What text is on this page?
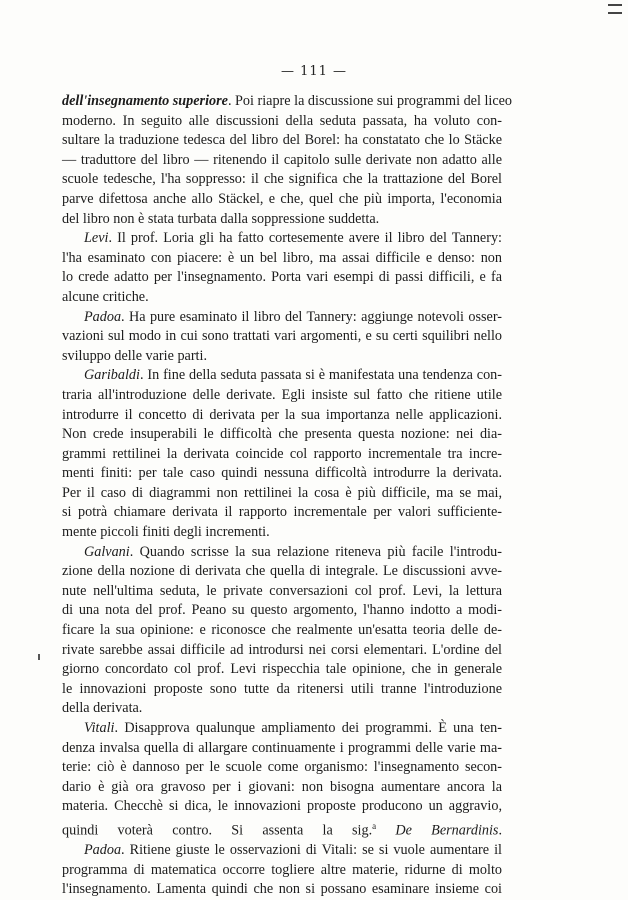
— 111 —

dell'insegnamento superiore. Poi riapre la discussione sui programmi del liceo
moderno. In seguito alle discussioni della seduta passata, ha voluto con-
sultare la traduzione tedesca del libro del Borel: ha constatato che lo Stäcke
— traduttore del libro — ritenendo il capitolo sulle derivate non adatto alle
scuole tedesche, l'ha soppresso: il che significa che la trattazione del Borel
parve difettosa anche allo Stäckel, e che, quel che più importa, l'economia
del libro non è stata turbata dalla soppressione suddetta.

Levi. Il prof. Loria gli ha fatto cortesemente avere il libro del Tannery:
l'ha esaminato con piacere: è un bel libro, ma assai difficile e denso: non
lo crede adatto per l'insegnamento. Porta vari esempi di passi difficili, e fa
alcune critiche.

Padoa. Ha pure esaminato il libro del Tannery: aggiunge notevoli osser-
vazioni sul modo in cui sono trattati vari argomenti, e su certi squilibri nello
sviluppo delle varie parti.

Garibaldi. In fine della seduta passata si è manifestata una tendenza con-
traria all'introduzione delle derivate. Egli insiste sul fatto che ritiene utile
introdurre il concetto di derivata per la sua importanza nelle applicazioni.
Non crede insuperabili le difficoltà che presenta questa nozione: nei dia-
grammi rettilinei la derivata coincide col rapporto incrementale tra incre-
menti finiti: per tale caso quindi nessuna difficoltà introdurre la derivata.
Per il caso di diagrammi non rettilinei la cosa è più difficile, ma se mai,
si potrà chiamare derivata il rapporto incrementale per valori sufficiente-
mente piccoli finiti degli incrementi.

Galvani. Quando scrisse la sua relazione riteneva più facile l'introdu-
zione della nozione di derivata che quella di integrale. Le discussioni avve-
nute nell'ultima seduta, le private conversazioni col prof. Levi, la lettura
di una nota del prof. Peano su questo argomento, l'hanno indotto a modi-
ficare la sua opinione: e riconosce che realmente un'esatta teoria delle de-
rivate sarebbe assai difficile ad introdursi nei corsi elementari. L'ordine del
giorno concordato col prof. Levi rispecchia tale opinione, che in generale
le innovazioni proposte sono tutte da ritenersi utili tranne l'introduzione
della derivata.

Vitali. Disapprova qualunque ampliamento dei programmi. È una ten-
denza invalsa quella di allargare continuamente i programmi delle varie ma-
terie: ciò è dannoso per le scuole come organismo: l'insegnamento secon-
dario è già ora gravoso per i giovani: non bisogna aumentare ancora la
materia. Checchè si dica, le innovazioni proposte producono un aggravio,
quindi voterà contro. Si assenta la sig.$^a$ De Bernardinis.

Padoa. Ritiene giuste le osservazioni di Vitali: se si vuole aumentare il
programma di matematica occorre togliere altre materie, ridurne di molto
l'insegnamento. Lamenta quindi che non si possano esaminare insieme coi
